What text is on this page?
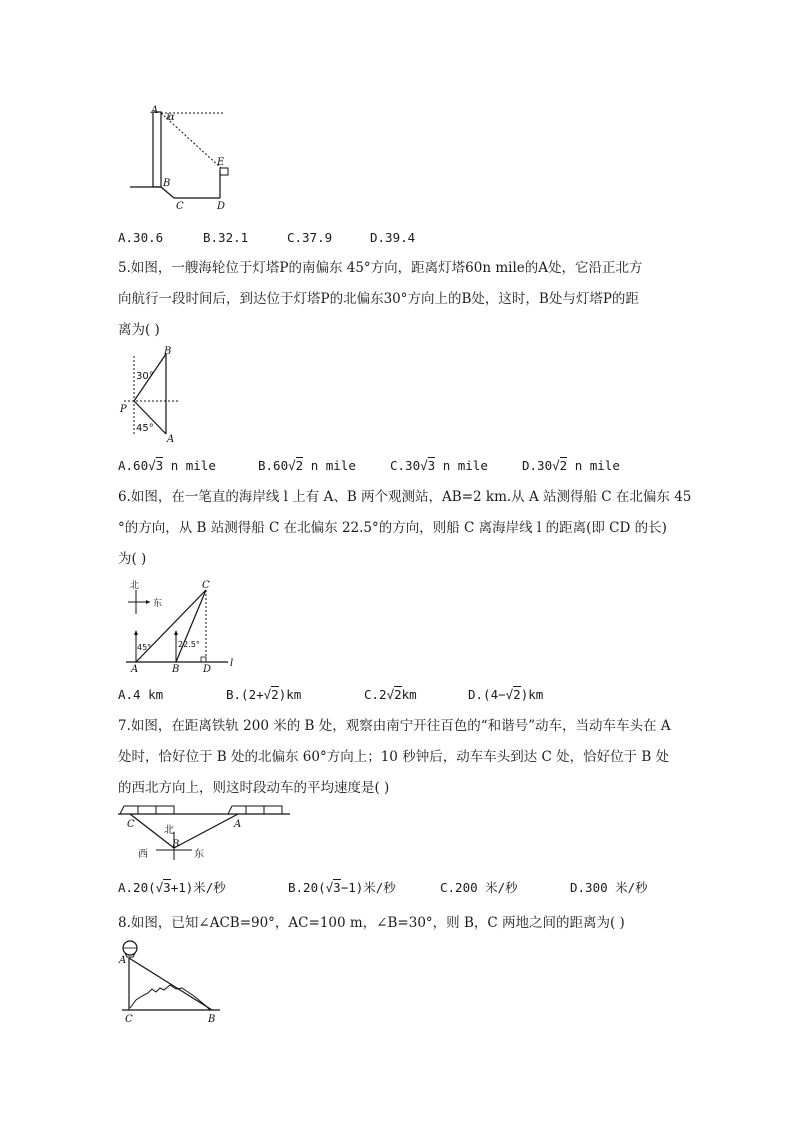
A
α
E
B
C	D
A.30.6	B.32.1	C.37.9	D.39.4
5.如图，一艘海轮位于灯塔P的南偏东 45°方向，距离灯塔60n mile的A处，它沿正北方
向航行一段时间后，到达位于灯塔P的北偏东30°方向上的B处，这时，B处与灯塔P的距
离为( )
B
30°
P
45°
A
A.60√3 n mile	B.60√2 n mile	C.30√3 n mile	D.30√2 n mile
6.如图，在一笔直的海岸线 l 上有 A、B 两个观测站，AB=2 km.从 A 站测得船 C 在北偏东 45
°的方向，从 B 站测得船 C 在北偏东 22.5°的方向，则船 C 离海岸线 l 的距离(即 CD 的长)
为( )
北
东
C
45°	22.5°
A	B D
l
A.4 km	B.(2+√2)km	C.2√2km	D.(4−√2)km
7.如图，在距离铁轨 200 米的 B 处，观察由南宁开往百色的“和谐号”动车，当动车车头在 A
处时，恰好位于 B 处的北偏东 60°方向上；10 秒钟后，动车车头到达 C 处，恰好位于 B 处
的西北方向上，则这时段动车的平均速度是( )
C	A
北
B
西	东
A.20(√3+1)米/秒	B.20(√3−1)米/秒	C.200 米/秒	D.300 米/秒
8.如图，已知∠ACB=90°，AC=100 m，∠B=30°，则 B，C 两地之间的距离为( )
A
C	B
